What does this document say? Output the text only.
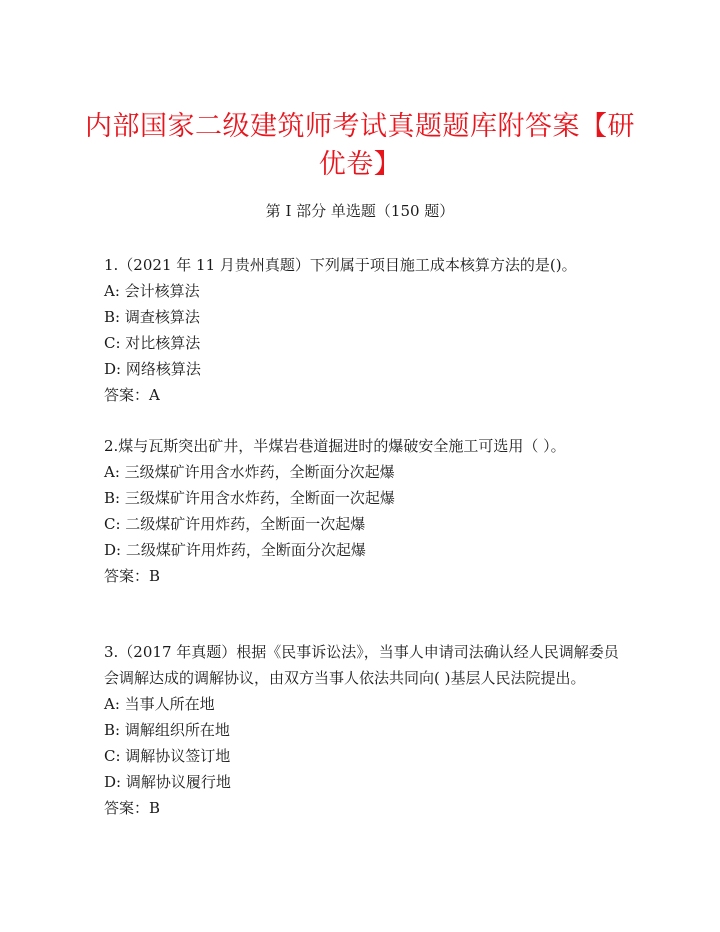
内部国家二级建筑师考试真题题库附答案【研优卷】
第 I 部分 单选题（150 题）

1.（2021 年 11 月贵州真题）下列属于项目施工成本核算方法的是()。

A: 会计核算法

B: 调查核算法

C: 对比核算法

D: 网络核算法

答案：A

2.煤与瓦斯突出矿井，半煤岩巷道掘进时的爆破安全施工可选用（ ）。

A: 三级煤矿许用含水炸药，全断面分次起爆

B: 三级煤矿许用含水炸药，全断面一次起爆

C: 二级煤矿许用炸药，全断面一次起爆

D: 二级煤矿许用炸药，全断面分次起爆

答案：B

3.（2017 年真题）根据《民事诉讼法》，当事人申请司法确认经人民调解委员会调解达成的调解协议，由双方当事人依法共同向( )基层人民法院提出。

A: 当事人所在地

B: 调解组织所在地

C: 调解协议签订地

D: 调解协议履行地

答案：B
